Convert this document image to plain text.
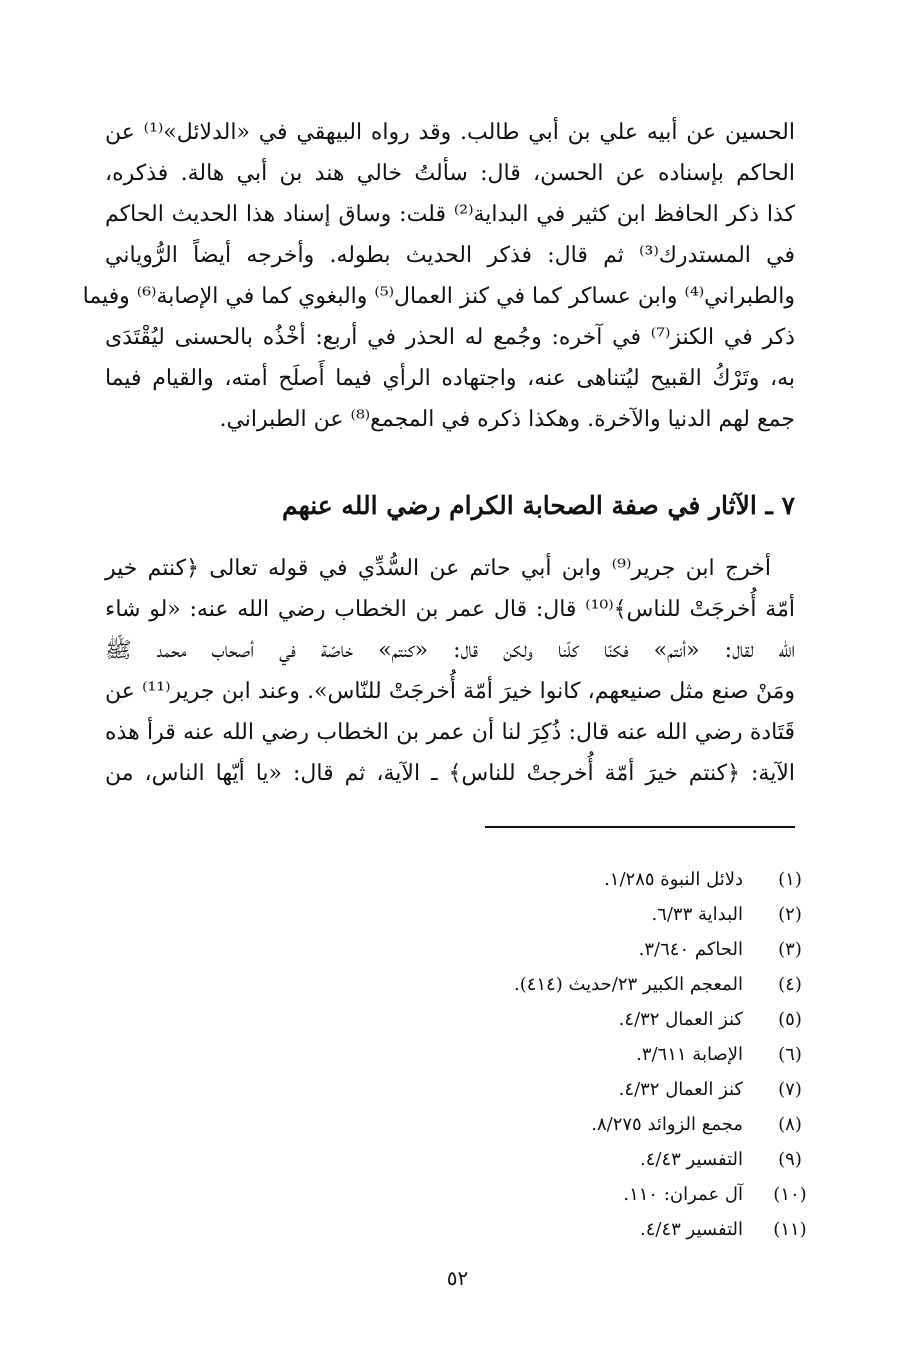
الحسين عن أبيه علي بن أبي طالب. وقد رواه البيهقي في «الدلائل»⁽¹⁾ عن
الحاكم بإسناده عن الحسن، قال: سألتُ خالي هند بن أبي هالة. فذكره،
كذا ذكر الحافظ ابن كثير في البداية⁽²⁾ قلت: وساق إسناد هذا الحديث الحاكم
في المستدرك⁽³⁾ ثم قال: فذكر الحديث بطوله. وأخرجه أيضاً الرُّوياني
والطبراني⁽⁴⁾ وابن عساكر كما في كنز العمال⁽⁵⁾ والبغوي كما في الإصابة⁽⁶⁾ وفيما
ذكر في الكنز⁽⁷⁾ في آخره: وجُمع له الحذر في أربع: أخْذُه بالحسنى ليُقْتَدَى
به، وتَرْكُ القبيح ليُتناهى عنه، واجتهاده الرأي فيما أَصلَح أمته، والقيام فيما
جمع لهم الدنيا والآخرة. وهكذا ذكره في المجمع⁽⁸⁾ عن الطبراني.
٧ ـ الآثار في صفة الصحابة الكرام رضي الله عنهم
أخرج ابن جرير⁽⁹⁾ وابن أبي حاتم عن السُّدِّي في قوله تعالى ﴿كنتم خير
أمّة أُخرجَتْ للناس﴾⁽¹⁰⁾ قال: قال عمر بن الخطاب رضي الله عنه: «لو شاء
الله لقال: «أنتم» فكنّا كلّنا ولكن قال: «كنتم» خاصّة في أصحاب محمد ﷺ
ومَنْ صنع مثل صنيعهم، كانوا خيرَ أمّة أُخرجَتْ للنّاس». وعند ابن جرير⁽¹¹⁾ عن
قَتَادة رضي الله عنه قال: ذُكِرَ لنا أن عمر بن الخطاب رضي الله عنه قرأ هذه
الآية: ﴿كنتم خيرَ أمّة أُخرجتْ للناس﴾ ـ الآية، ثم قال: «يا أيّها الناس، من
(١)
دلائل النبوة ١/٢٨٥.
(٢)
البداية ٦/٣٣.
(٣)
الحاكم ٣/٦٤٠.
(٤)
المعجم الكبير ٢٣/حديث (٤١٤).
(٥)
كنز العمال ٤/٣٢.
(٦)
الإصابة ٣/٦١١.
(٧)
كنز العمال ٤/٣٢.
(٨)
مجمع الزوائد ٨/٢٧٥.
(٩)
التفسير ٤/٤٣.
(١٠)
آل عمران: ١١٠.
(١١)
التفسير ٤/٤٣.
٥٢
